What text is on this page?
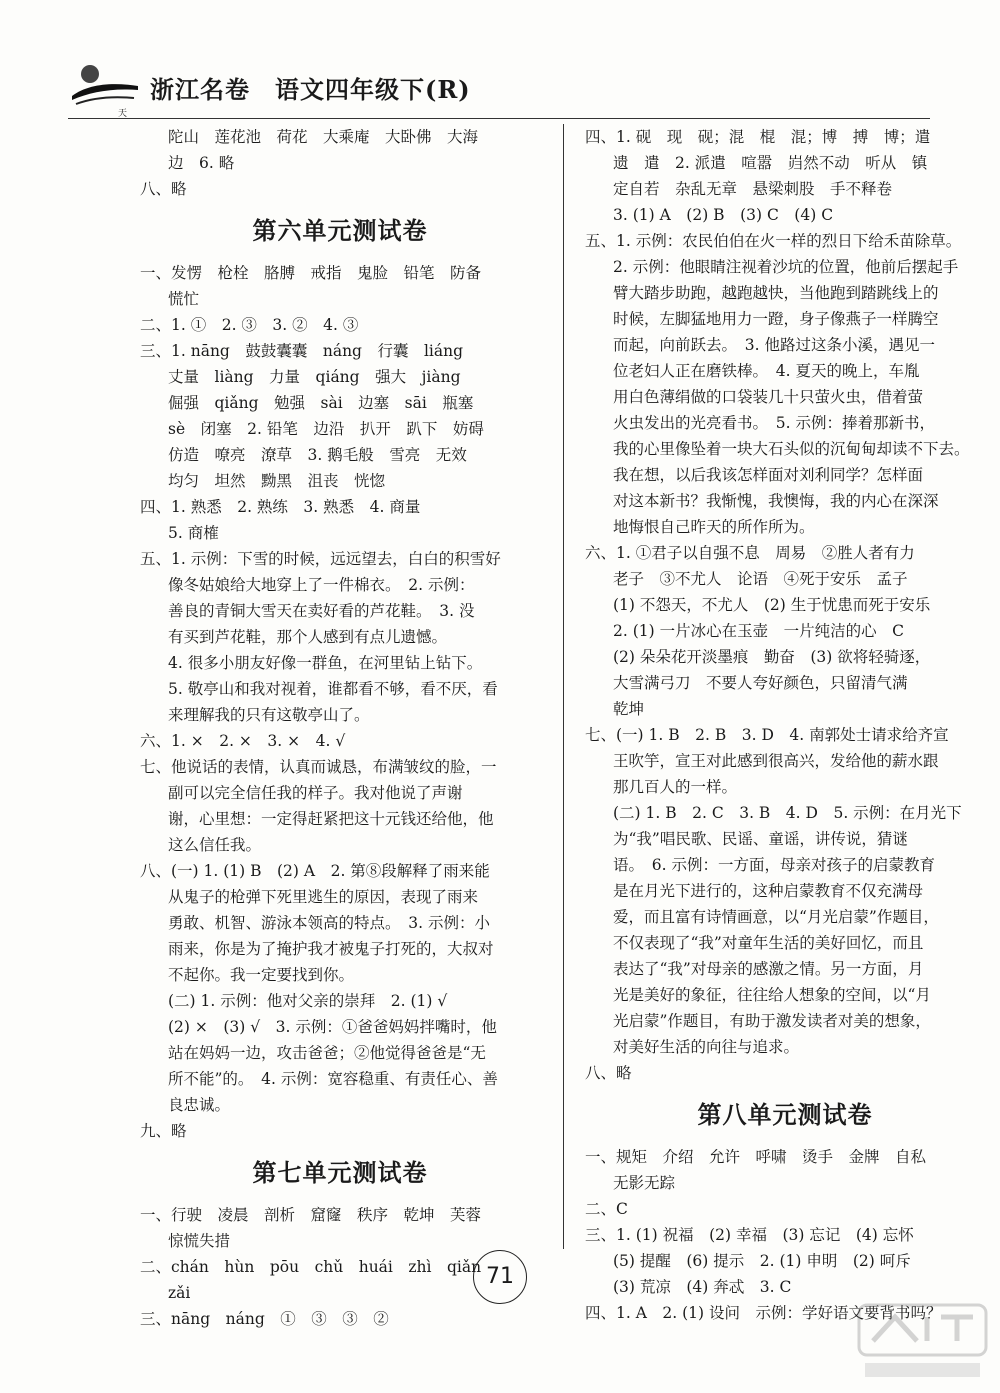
天
浙江名卷　语文四年级下(R)
陀山　莲花池　荷花　大乘庵　大卧佛　大海
边　6. 略
八、略
第六单元测试卷
一、发愣　枪栓　胳膊　戒指　鬼脸　铅笔　防备
慌忙
二、1. ①　2. ③　3. ②　4. ③
三、1. nāng　鼓鼓囊囊　náng　行囊　liáng
丈量　liàng　力量　qiáng　强大　jiàng
倔强　qiǎng　勉强　sài　边塞　sāi　瓶塞
sè　闭塞　2. 铅笔　边沿　扒开　趴下　妨碍
仿造　嘹亮　潦草　3. 鹅毛般　雪亮　无效
均匀　坦然　黝黑　沮丧　恍惚
四、1. 熟悉　2. 熟练　3. 熟悉　4. 商量
5. 商榷
五、1. 示例：下雪的时候，远远望去，白白的积雪好
像冬姑娘给大地穿上了一件棉衣。　2. 示例：
善良的青铜大雪天在卖好看的芦花鞋。　3. 没
有买到芦花鞋，那个人感到有点儿遗憾。
4. 很多小朋友好像一群鱼，在河里钻上钻下。
5. 敬亭山和我对视着，谁都看不够，看不厌，看
来理解我的只有这敬亭山了。
六、1. ×　2. ×　3. ×　4. √
七、他说话的表情，认真而诚恳，布满皱纹的脸，一
副可以完全信任我的样子。我对他说了声谢
谢，心里想：一定得赶紧把这十元钱还给他，他
这么信任我。
八、(一) 1. (1) B　(2) A　2. 第⑧段解释了雨来能
从鬼子的枪弹下死里逃生的原因，表现了雨来
勇敢、机智、游泳本领高的特点。　3. 示例：小
雨来，你是为了掩护我才被鬼子打死的，大叔对
不起你。我一定要找到你。
(二) 1. 示例：他对父亲的崇拜　2. (1) √
(2) ×　(3) √　3. 示例：①爸爸妈妈拌嘴时，他
站在妈妈一边，攻击爸爸；②他觉得爸爸是“无
所不能”的。　4. 示例：宽容稳重、有责任心、善
良忠诚。
九、略
第七单元测试卷
一、行驶　凌晨　剖析　窟窿　秩序　乾坤　芙蓉
惊慌失措
二、chán　hùn　pōu　chǔ　huái　zhì　qiǎn
zǎi
三、nāng　náng　①　③　③　②
四、1. 砚　现　砚；混　棍　混；博　搏　博；遣
遗　遣　2. 派遣　喧嚣　岿然不动　听从　镇
定自若　杂乱无章　悬梁刺股　手不释卷
3. (1) A　(2) B　(3) C　(4) C
五、1. 示例：农民伯伯在火一样的烈日下给禾苗除草。
2. 示例：他眼睛注视着沙坑的位置，他前后摆起手
臂大踏步助跑，越跑越快，当他跑到踏跳线上的
时候，左脚猛地用力一蹬，身子像燕子一样腾空
而起，向前跃去。　3. 他路过这条小溪，遇见一
位老妇人正在磨铁棒。　4. 夏天的晚上，车胤
用白色薄绢做的口袋装几十只萤火虫，借着萤
火虫发出的光亮看书。　5. 示例：捧着那新书，
我的心里像坠着一块大石头似的沉甸甸却读不下去。
我在想，以后我该怎样面对刘利同学？怎样面
对这本新书？我惭愧，我懊悔，我的内心在深深
地悔恨自己昨天的所作所为。
六、1. ①君子以自强不息　周易　②胜人者有力
老子　③不尤人　论语　④死于安乐　孟子
(1) 不怨天，不尤人　(2) 生于忧患而死于安乐
2. (1) 一片冰心在玉壶　一片纯洁的心　C
(2) 朵朵花开淡墨痕　勤奋　(3) 欲将轻骑逐，
大雪满弓刀　不要人夸好颜色，只留清气满
乾坤
七、(一) 1. B　2. B　3. D　4. 南郭处士请求给齐宣
王吹竽，宣王对此感到很高兴，发给他的薪水跟
那几百人的一样。
(二) 1. B　2. C　3. B　4. D　5. 示例：在月光下
为“我”唱民歌、民谣、童谣，讲传说，猜谜
语。　6. 示例：一方面，母亲对孩子的启蒙教育
是在月光下进行的，这种启蒙教育不仅充满母
爱，而且富有诗情画意，以“月光启蒙”作题目，
不仅表现了“我”对童年生活的美好回忆，而且
表达了“我”对母亲的感激之情。另一方面，月
光是美好的象征，往往给人想象的空间，以“月
光启蒙”作题目，有助于激发读者对美的想象，
对美好生活的向往与追求。
八、略
第八单元测试卷
一、规矩　介绍　允许　呼啸　烫手　金牌　自私
无影无踪
二、C
三、1. (1) 祝福　(2) 幸福　(3) 忘记　(4) 忘怀
(5) 提醒　(6) 提示　2. (1) 申明　(2) 呵斥
(3) 荒凉　(4) 奔忒　3. C
四、1. A　2. (1) 设问　示例：学好语文要背书吗？
71
